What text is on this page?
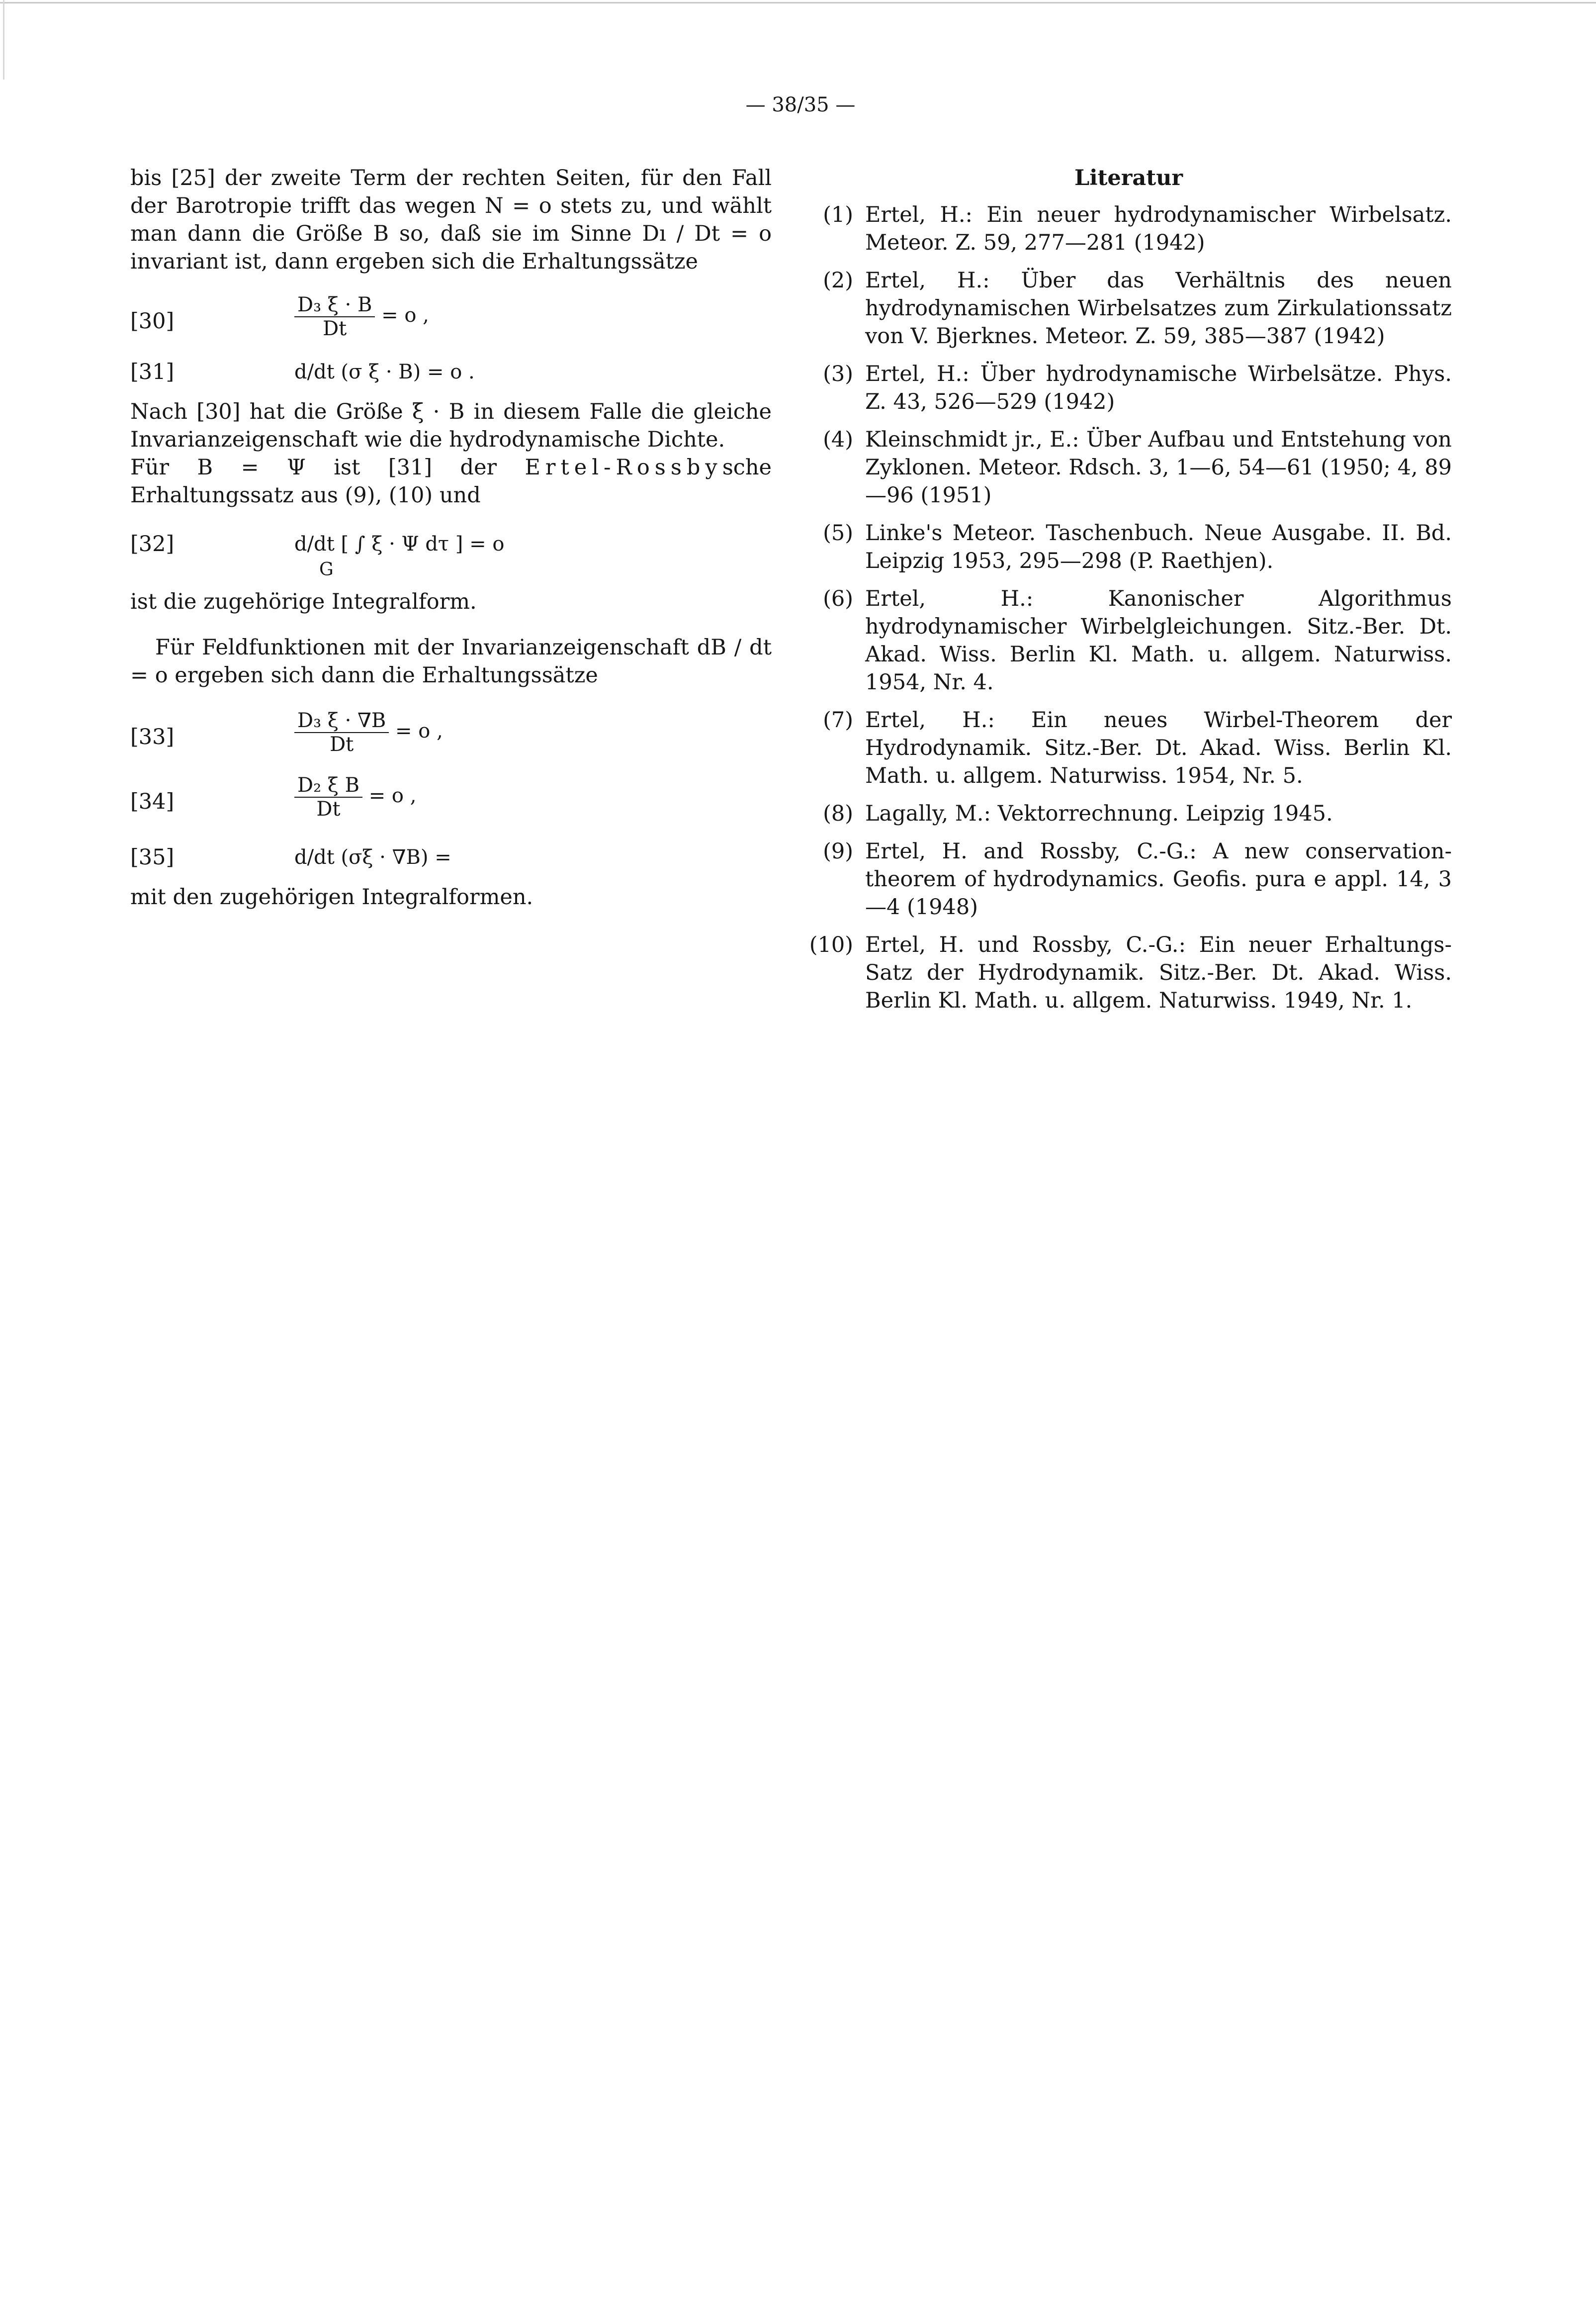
— 38/35 —

bis [25] der zweite Term der rechten Seiten, für den Fall der Barotropie trifft das wegen N = o stets zu, und wählt man dann die Größe B so, daß sie im Sinne Dı / Dt = o invariant ist, dann ergeben sich die Erhaltungssätze

[30]	$\frac{\text{D₃ ξ · B}}{Dt} = o$ ,
[31]	d/dt (σ ξ · B) = o .

Nach [30] hat die Größe ξ · B in diesem Falle die gleiche Invarianzeigenschaft wie die hydrodynamische Dichte.

Für B = Ψ ist [31] der Ertel-Rossbysche Erhaltungssatz aus (9), (10) und

[32]	d/dt [ ∫ ξ · Ψ dτ ] = o
G

ist die zugehörige Integralform.

Für Feldfunktionen mit der Invarianzeigenschaft dB / dt = o ergeben sich dann die Erhaltungssätze

[33]	$\frac{\text{D₃ ξ · ∇B}}{Dt} = o$ ,
[34]	$\frac{\text{D₂ ξ B}}{Dt} = o$ ,
[35]	d/dt (σξ · ∇B) =

mit den zugehörigen Integralformen.

Literatur
(1) Ertel, H.: Ein neuer hydrodynamischer Wirbelsatz. Meteor. Z. 59, 277—281 (1942)
(2) Ertel, H.: Über das Verhältnis des neuen hydrodynamischen Wirbelsatzes zum Zirkulationssatz von V. Bjerknes. Meteor. Z. 59, 385—387 (1942)
(3) Ertel, H.: Über hydrodynamische Wirbelsätze. Phys. Z. 43, 526—529 (1942)
(4) Kleinschmidt jr., E.: Über Aufbau und Entstehung von Zyklonen. Meteor. Rdsch. 3, 1—6, 54—61 (1950; 4, 89—96 (1951)
(5) Linke's Meteor. Taschenbuch. Neue Ausgabe. II. Bd. Leipzig 1953, 295—298 (P. Raethjen).
(6) Ertel, H.: Kanonischer Algorithmus hydrodynamischer Wirbelgleichungen. Sitz.-Ber. Dt. Akad. Wiss. Berlin Kl. Math. u. allgem. Naturwiss. 1954, Nr. 4.
(7) Ertel, H.: Ein neues Wirbel-Theorem der Hydrodynamik. Sitz.-Ber. Dt. Akad. Wiss. Berlin Kl. Math. u. allgem. Naturwiss. 1954, Nr. 5.
(8) Lagally, M.: Vektorrechnung. Leipzig 1945.
(9) Ertel, H. and Rossby, C.-G.: A new conservation-theorem of hydrodynamics. Geofis. pura e appl. 14, 3—4 (1948)
(10) Ertel, H. und Rossby, C.-G.: Ein neuer Erhaltungs-Satz der Hydrodynamik. Sitz.-Ber. Dt. Akad. Wiss. Berlin Kl. Math. u. allgem. Naturwiss. 1949, Nr. 1.
